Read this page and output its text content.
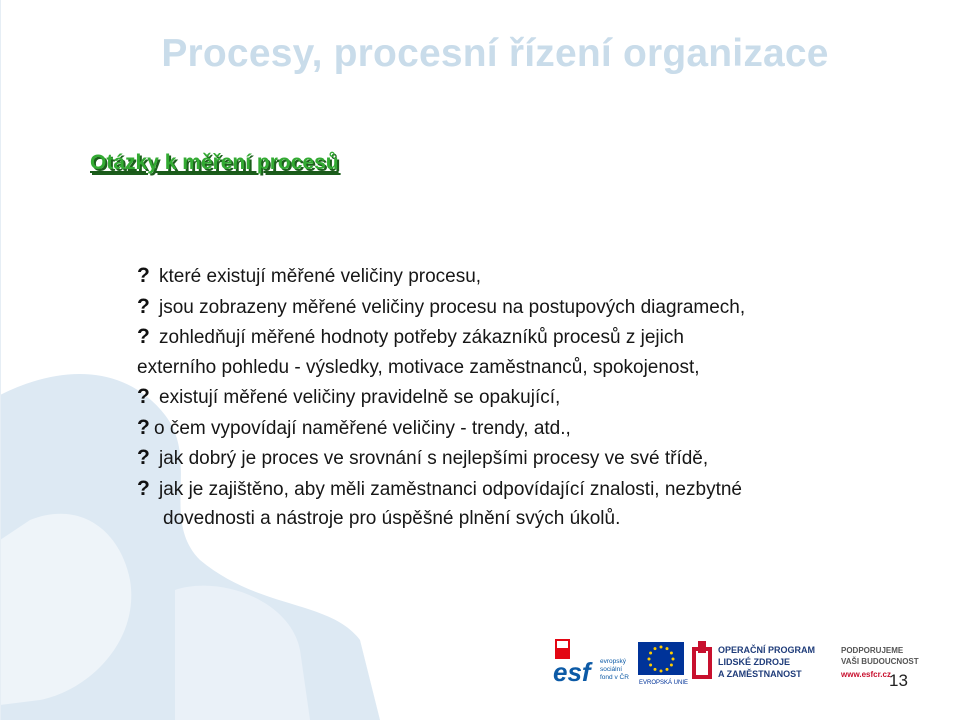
Procesy, procesní řízení organizace
Otázky k měření procesů

? které existují měřené veličiny procesu,

? jsou zobrazeny měřené veličiny procesu na postupových diagramech,

? zohledňují měřené hodnoty potřeby zákazníků procesů z jejich
externího pohledu - výsledky, motivace zaměstnanců, spokojenost,

? existují měřené veličiny pravidelně se opakující,

? o čem vypovídají naměřené veličiny - trendy, atd.,

? jak dobrý je proces ve srovnání s nejlepšími procesy ve své třídě,

? jak je zajištěno, aby měli zaměstnanci odpovídající znalosti, nezbytné
dovednosti a nástroje pro úspěšné plnění svých úkolů.

esf	evropský
sociální
fond v ČR
EVROPSKÁ UNIE
OPERAČNÍ PROGRAM
LIDSKÉ ZDROJE
A ZAMĚSTNANOST
PODPORUJEME
VAŠI BUDOUCNOST
www.esfcr.cz
13
